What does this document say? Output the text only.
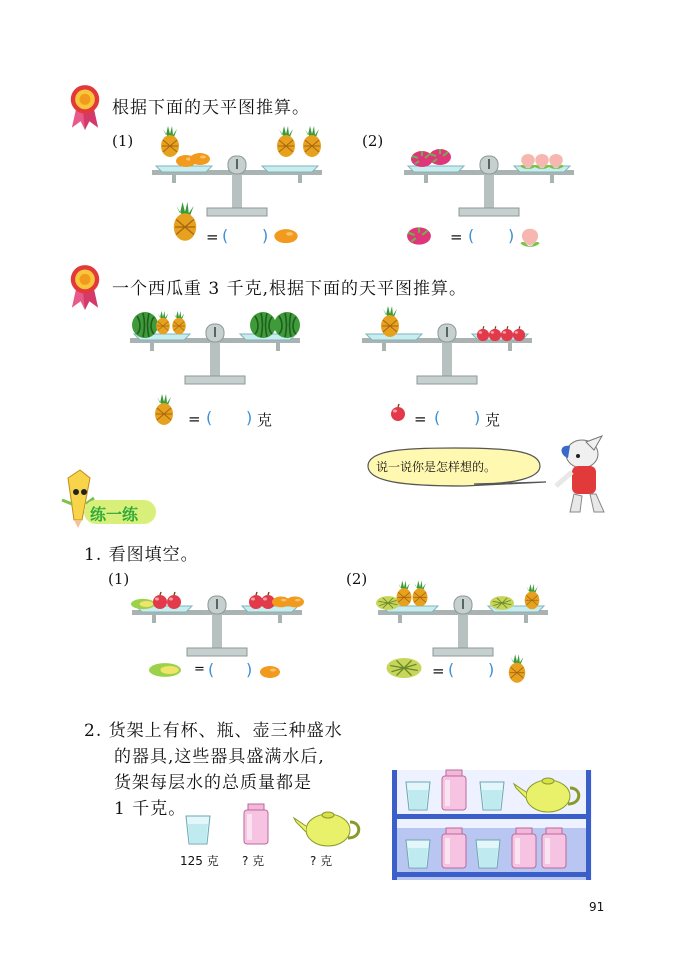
根据下面的天平图推算。
(1)	(2)
= ( )	= ( )
一个西瓜重 3 千克,根据下面的天平图推算。
= ( ) 克	= ( ) 克
说一说你是怎样想的。
练一练
1. 看图填空。
(1)	(2)
= ( )	= ( )
2. 货架上有杯、瓶、壶三种盛水
的器具,这些器具盛满水后,
货架每层水的总质量都是
1 千克。
125 克 ? 克	? 克
91
